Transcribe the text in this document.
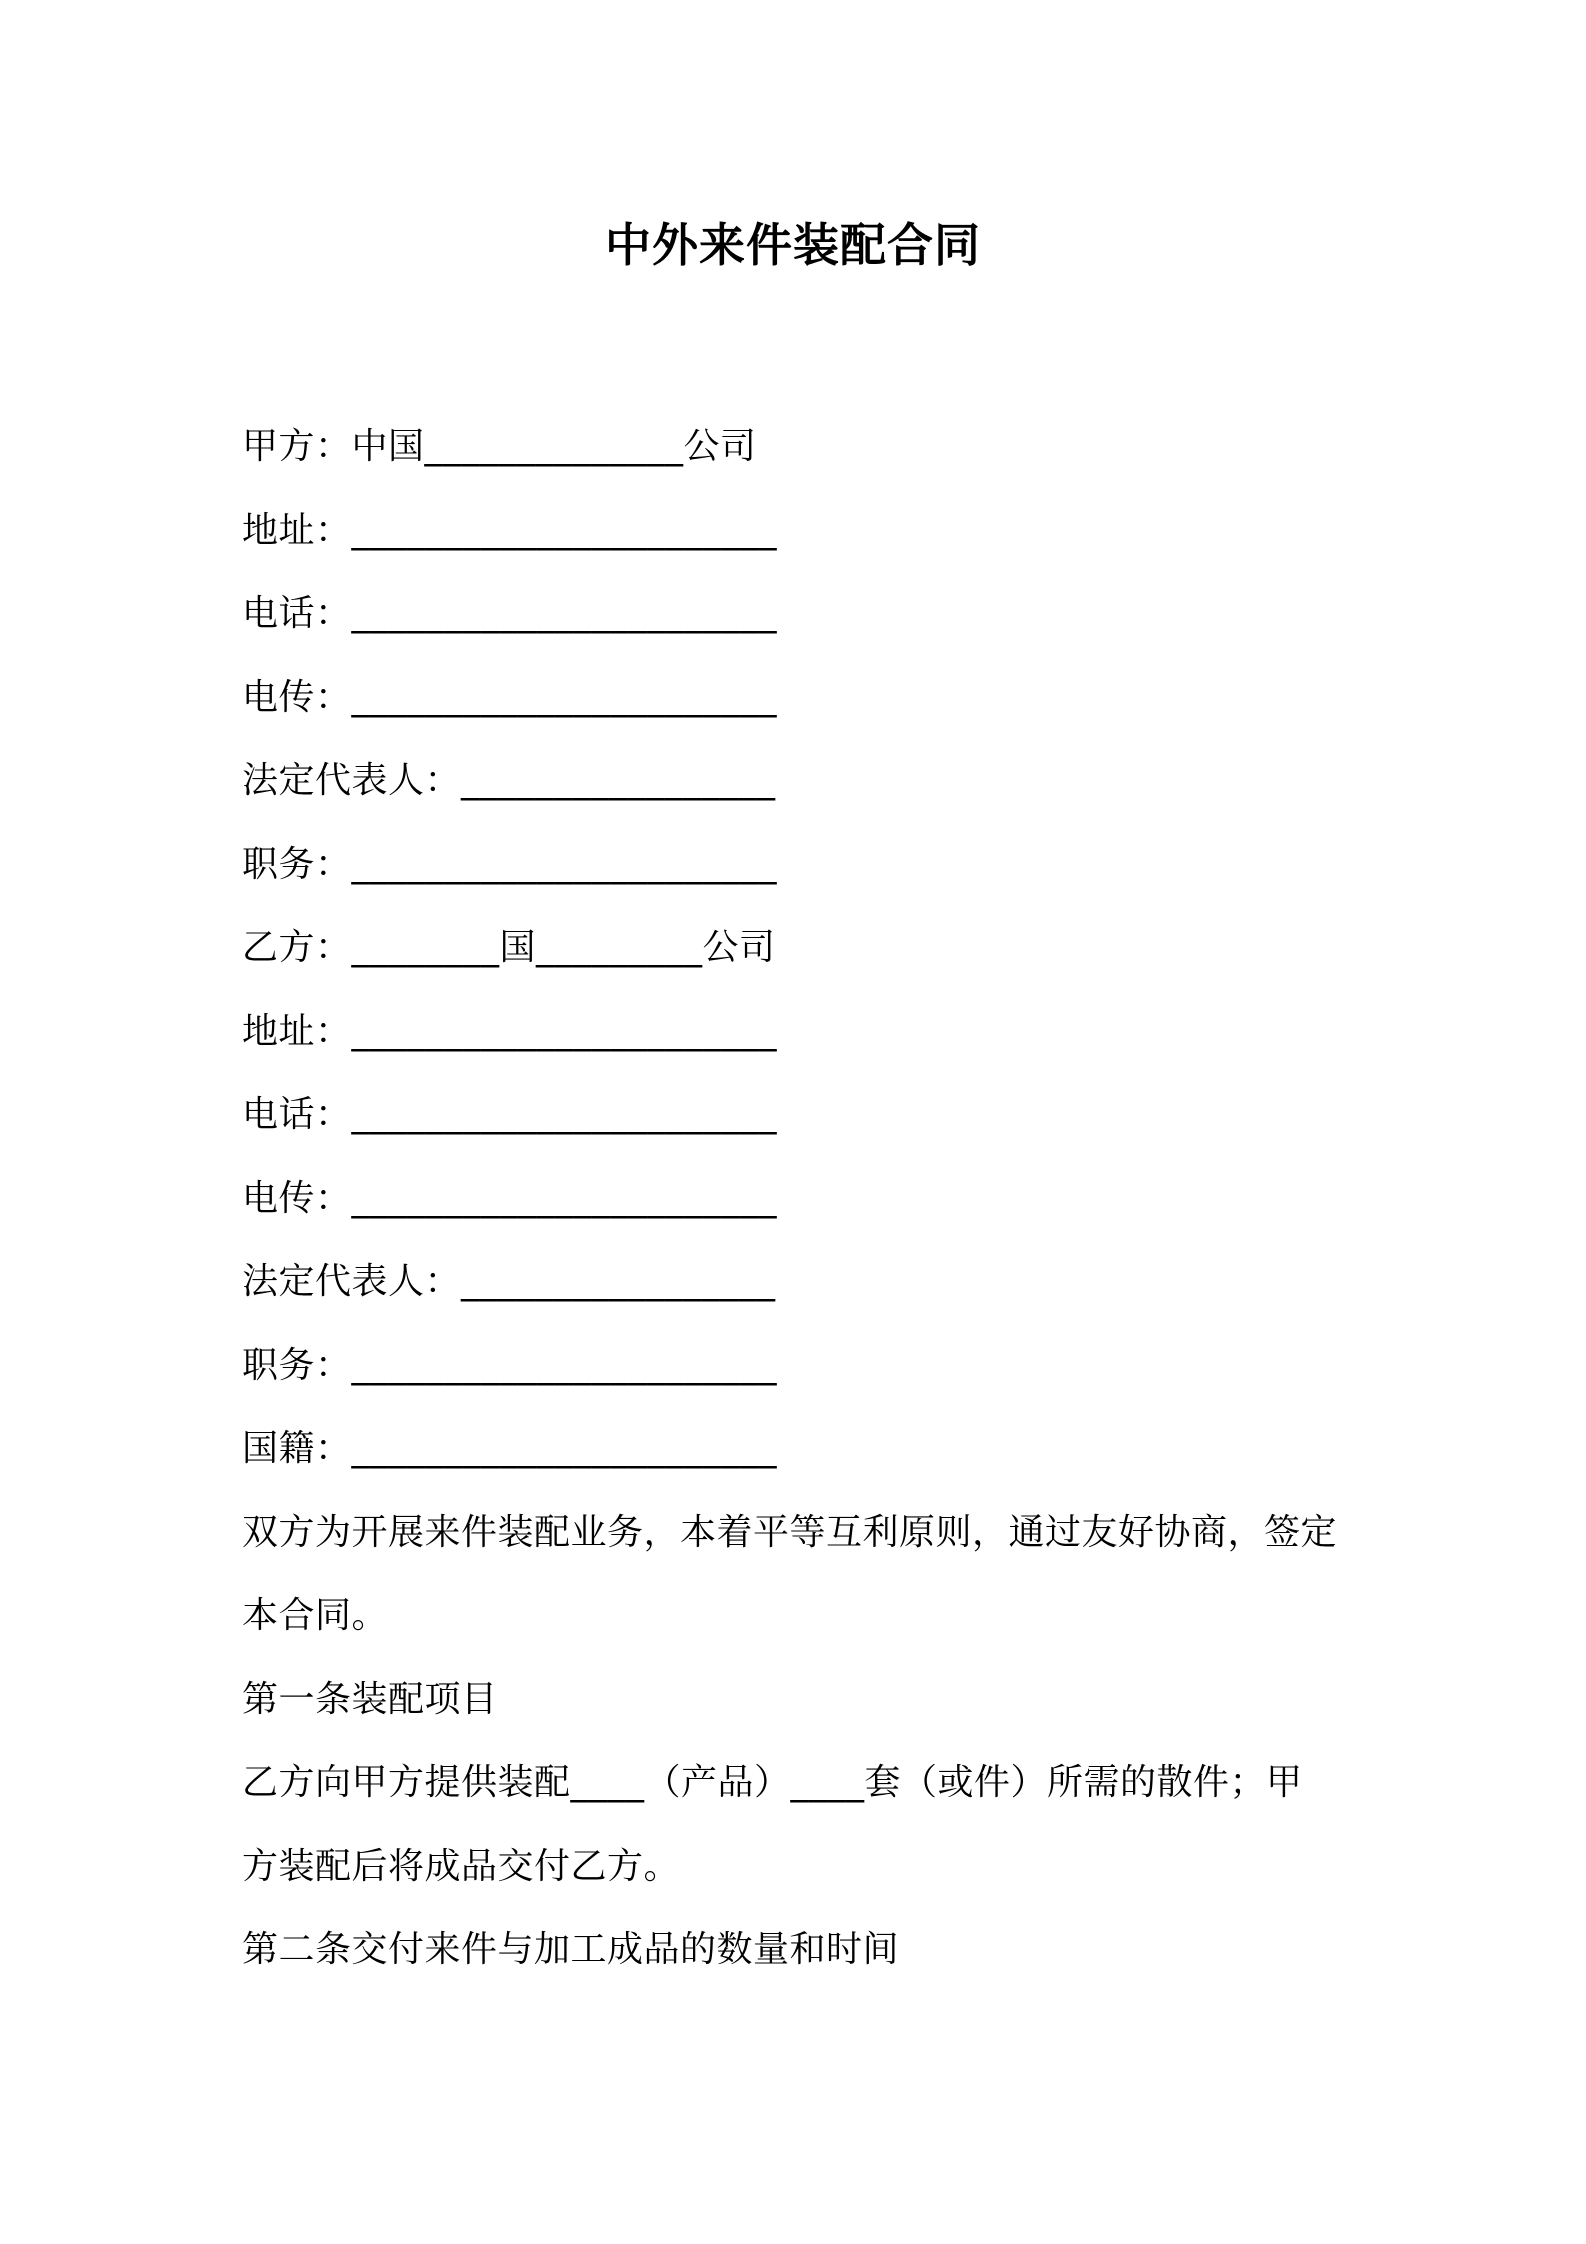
中外来件装配合同
甲方：中国______________公司
地址：_______________________
电话：_______________________
电传：_______________________
法定代表人：_________________
职务：_______________________
乙方：________国_________公司
地址：_______________________
电话：_______________________
电传：_______________________
法定代表人：_________________
职务：_______________________
国籍：_______________________
双方为开展来件装配业务，本着平等互利原则，通过友好协商，签定
本合同。
第一条装配项目
乙方向甲方提供装配____（产品）____套（或件）所需的散件；甲
方装配后将成品交付乙方。
第二条交付来件与加工成品的数量和时间
